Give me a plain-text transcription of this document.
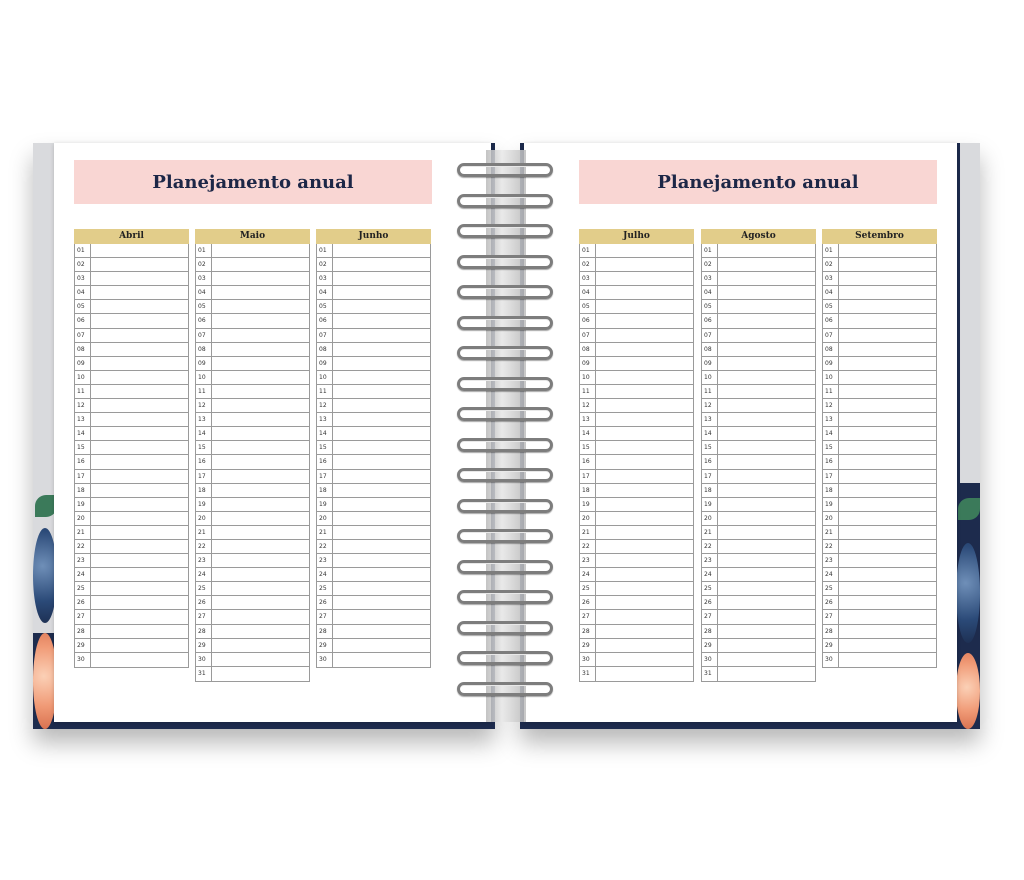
Planejamento anual
Abril
01
02
03
04
05
06
07
08
09
10
11
12
13
14
15
16
17
18
19
20
21
22
23
24
25
26
27
28
29
30
Maio
01
02
03
04
05
06
07
08
09
10
11
12
13
14
15
16
17
18
19
20
21
22
23
24
25
26
27
28
29
30
31
Junho
01
02
03
04
05
06
07
08
09
10
11
12
13
14
15
16
17
18
19
20
21
22
23
24
25
26
27
28
29
30
Planejamento anual
Julho
01
02
03
04
05
06
07
08
09
10
11
12
13
14
15
16
17
18
19
20
21
22
23
24
25
26
27
28
29
30
31
Agosto
01
02
03
04
05
06
07
08
09
10
11
12
13
14
15
16
17
18
19
20
21
22
23
24
25
26
27
28
29
30
31
Setembro
01
02
03
04
05
06
07
08
09
10
11
12
13
14
15
16
17
18
19
20
21
22
23
24
25
26
27
28
29
30
